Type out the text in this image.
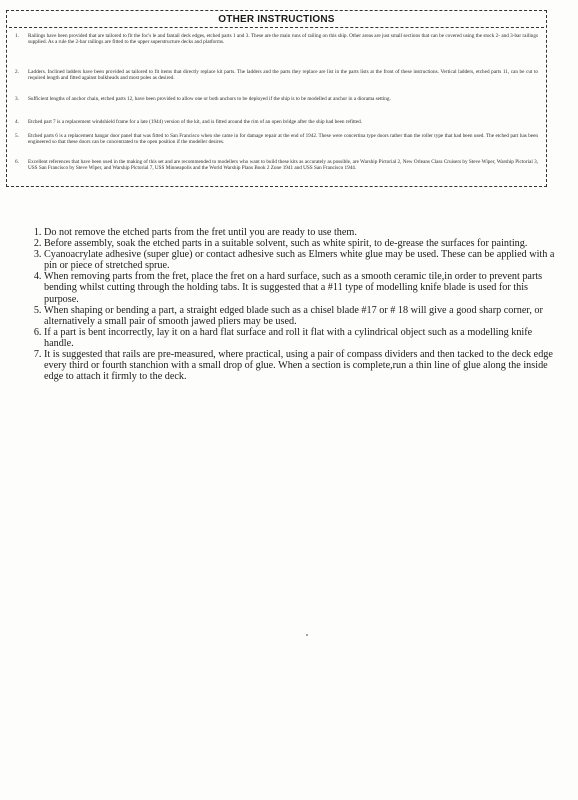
OTHER INSTRUCTIONS
1. Railings have been provided that are tailored to fit the foc's le and fantail deck edges, etched parts 1 and 3. These are the main runs of railing on this ship. Other areas are just small sections that can be covered using the stock 2- and 3-bar railings supplied. As a rule the 2-bar railings are fitted to the upper superstructure decks and platforms.
2. Ladders. Inclined ladders have been provided as tailored to fit items that directly replace kit parts. The ladders and the parts they replace are list in the parts lists at the front of these instructions. Vertical ladders, etched parts 11, can be cut to required length and fitted against bulkheads and most poles as desired.
3. Sufficient lengths of anchor chain, etched parts 12, have been provided to allow one or both anchors to be deployed if the ship is to be modelled at anchor in a diorama setting.
4. Etched part 7 is a replacement windshield frame for a late (1944) version of the kit, and is fitted around the rim of an open bridge after the ship had been refitted.
5. Etched parts 6 is a replacement hangar door panel that was fitted to San Francisco when she came in for damage repair at the end of 1942. These were concertina type doors rather than the roller type that had been used. The etched part has been engineered so that these doors can be concentrated to the open position if the modeller desires.
6. Excellent references that have been used in the making of this set and are recommended to modellers who want to build these kits as accurately as possible, are Warship Pictorial 2, New Orleans Class Cruisers by Steve Wiper, Warship Pictorial 3, USS San Francisco by Steve Wiper, and Warship Pictorial 7, USS Minneapolis and the World Warship Plans Book 2 Zone 1941 and USS San Francisco 1944.
1. Do not remove the etched parts from the fret until you are ready to use them.
2. Before assembly, soak the etched parts in a suitable solvent, such as white spirit, to de-grease the surfaces for painting.
3. Cyanoacrylate adhesive (super glue) or contact adhesive such as Elmers white glue may be used. These can be applied with a pin or piece of stretched sprue.
4. When removing parts from the fret, place the fret on a hard surface, such as a smooth ceramic tile,in order to prevent parts bending whilst cutting through the holding tabs. It is suggested that a #11 type of modelling knife blade is used for this purpose.
5. When shaping or bending a part, a straight edged blade such as a chisel blade #17 or # 18 will give a good sharp corner, or alternatively a small pair of smooth jawed pliers may be used.
6. If a part is bent incorrectly, lay it on a hard flat surface and roll it flat with a cylindrical object such as a modelling knife handle.
7. It is suggested that rails are pre-measured, where practical, using a pair of compass dividers and then tacked to the deck edge every third or fourth stanchion with a small drop of glue. When a section is complete,run a thin line of glue along the inside edge to attach it firmly to the deck.
